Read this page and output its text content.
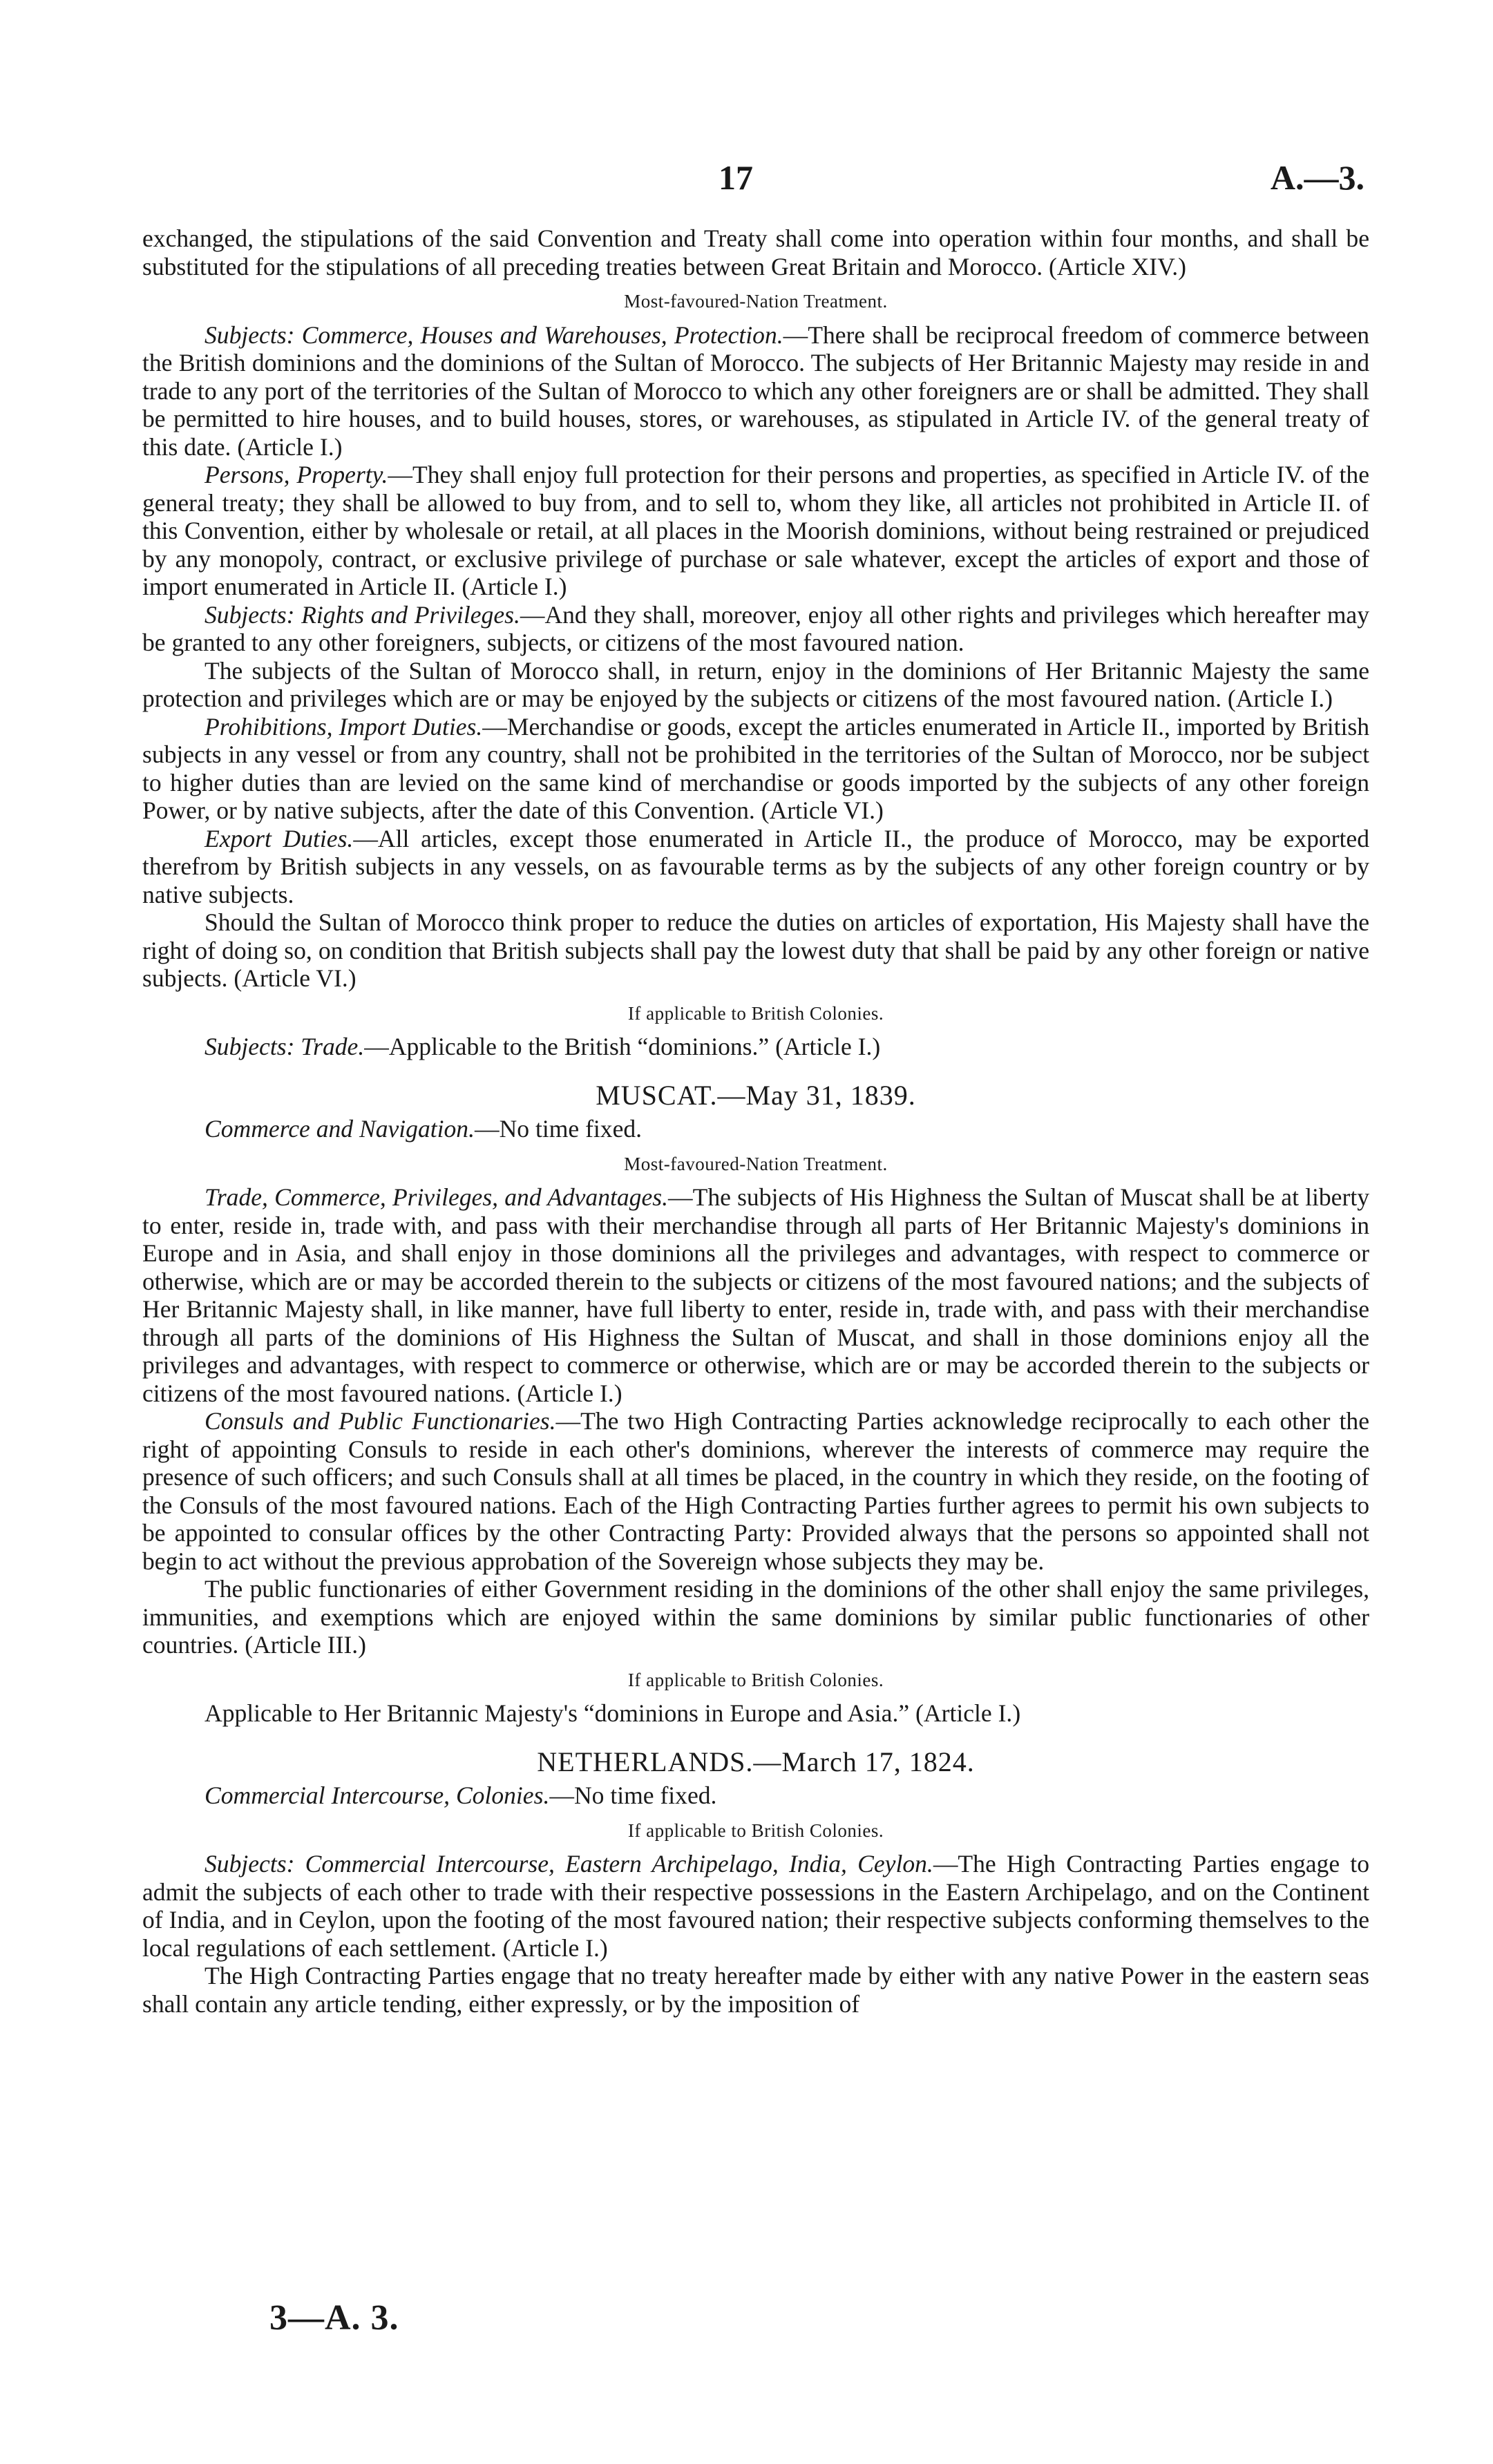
17	A.—3.

exchanged, the stipulations of the said Convention and Treaty shall come into operation within four months, and shall be substituted for the stipulations of all preceding treaties between Great Britain and Morocco. (Article XIV.)

Most-favoured-Nation Treatment.

Subjects: Commerce, Houses and Warehouses, Protection.—There shall be reciprocal freedom of commerce between the British dominions and the dominions of the Sultan of Morocco. The subjects of Her Britannic Majesty may reside in and trade to any port of the territories of the Sultan of Morocco to which any other foreigners are or shall be admitted. They shall be permitted to hire houses, and to build houses, stores, or warehouses, as stipulated in Article IV. of the general treaty of this date. (Article I.)

Persons, Property.—They shall enjoy full protection for their persons and properties, as specified in Article IV. of the general treaty; they shall be allowed to buy from, and to sell to, whom they like, all articles not prohibited in Article II. of this Convention, either by wholesale or retail, at all places in the Moorish dominions, without being restrained or prejudiced by any monopoly, contract, or exclusive privilege of purchase or sale whatever, except the articles of export and those of import enumerated in Article II. (Article I.)

Subjects: Rights and Privileges.—And they shall, moreover, enjoy all other rights and privileges which hereafter may be granted to any other foreigners, subjects, or citizens of the most favoured nation.

The subjects of the Sultan of Morocco shall, in return, enjoy in the dominions of Her Britannic Majesty the same protection and privileges which are or may be enjoyed by the subjects or citizens of the most favoured nation. (Article I.)

Prohibitions, Import Duties.—Merchandise or goods, except the articles enumerated in Article II., imported by British subjects in any vessel or from any country, shall not be prohibited in the territories of the Sultan of Morocco, nor be subject to higher duties than are levied on the same kind of merchandise or goods imported by the subjects of any other foreign Power, or by native subjects, after the date of this Convention. (Article VI.)

Export Duties.—All articles, except those enumerated in Article II., the produce of Morocco, may be exported therefrom by British subjects in any vessels, on as favourable terms as by the subjects of any other foreign country or by native subjects.

Should the Sultan of Morocco think proper to reduce the duties on articles of exportation, His Majesty shall have the right of doing so, on condition that British subjects shall pay the lowest duty that shall be paid by any other foreign or native subjects. (Article VI.)

If applicable to British Colonies.

Subjects: Trade.—Applicable to the British “dominions.” (Article I.)

MUSCAT.—May 31, 1839.

Commerce and Navigation.—No time fixed.

Most-favoured-Nation Treatment.

Trade, Commerce, Privileges, and Advantages.—The subjects of His Highness the Sultan of Muscat shall be at liberty to enter, reside in, trade with, and pass with their merchandise through all parts of Her Britannic Majesty's dominions in Europe and in Asia, and shall enjoy in those dominions all the privileges and advantages, with respect to commerce or otherwise, which are or may be accorded therein to the subjects or citizens of the most favoured nations; and the subjects of Her Britannic Majesty shall, in like manner, have full liberty to enter, reside in, trade with, and pass with their merchandise through all parts of the dominions of His Highness the Sultan of Muscat, and shall in those dominions enjoy all the privileges and advantages, with respect to commerce or otherwise, which are or may be accorded therein to the subjects or citizens of the most favoured nations. (Article I.)

Consuls and Public Functionaries.—The two High Contracting Parties acknowledge reciprocally to each other the right of appointing Consuls to reside in each other's dominions, wherever the interests of commerce may require the presence of such officers; and such Consuls shall at all times be placed, in the country in which they reside, on the footing of the Consuls of the most favoured nations. Each of the High Contracting Parties further agrees to permit his own subjects to be appointed to consular offices by the other Contracting Party: Provided always that the persons so appointed shall not begin to act without the previous approbation of the Sovereign whose subjects they may be.

The public functionaries of either Government residing in the dominions of the other shall enjoy the same privileges, immunities, and exemptions which are enjoyed within the same dominions by similar public functionaries of other countries. (Article III.)

If applicable to British Colonies.

Applicable to Her Britannic Majesty's “dominions in Europe and Asia.” (Article I.)

NETHERLANDS.—March 17, 1824.

Commercial Intercourse, Colonies.—No time fixed.

If applicable to British Colonies.

Subjects: Commercial Intercourse, Eastern Archipelago, India, Ceylon.—The High Contracting Parties engage to admit the subjects of each other to trade with their respective possessions in the Eastern Archipelago, and on the Continent of India, and in Ceylon, upon the footing of the most favoured nation; their respective subjects conforming themselves to the local regulations of each settlement. (Article I.)

The High Contracting Parties engage that no treaty hereafter made by either with any native Power in the eastern seas shall contain any article tending, either expressly, or by the imposition of

3—A. 3.
